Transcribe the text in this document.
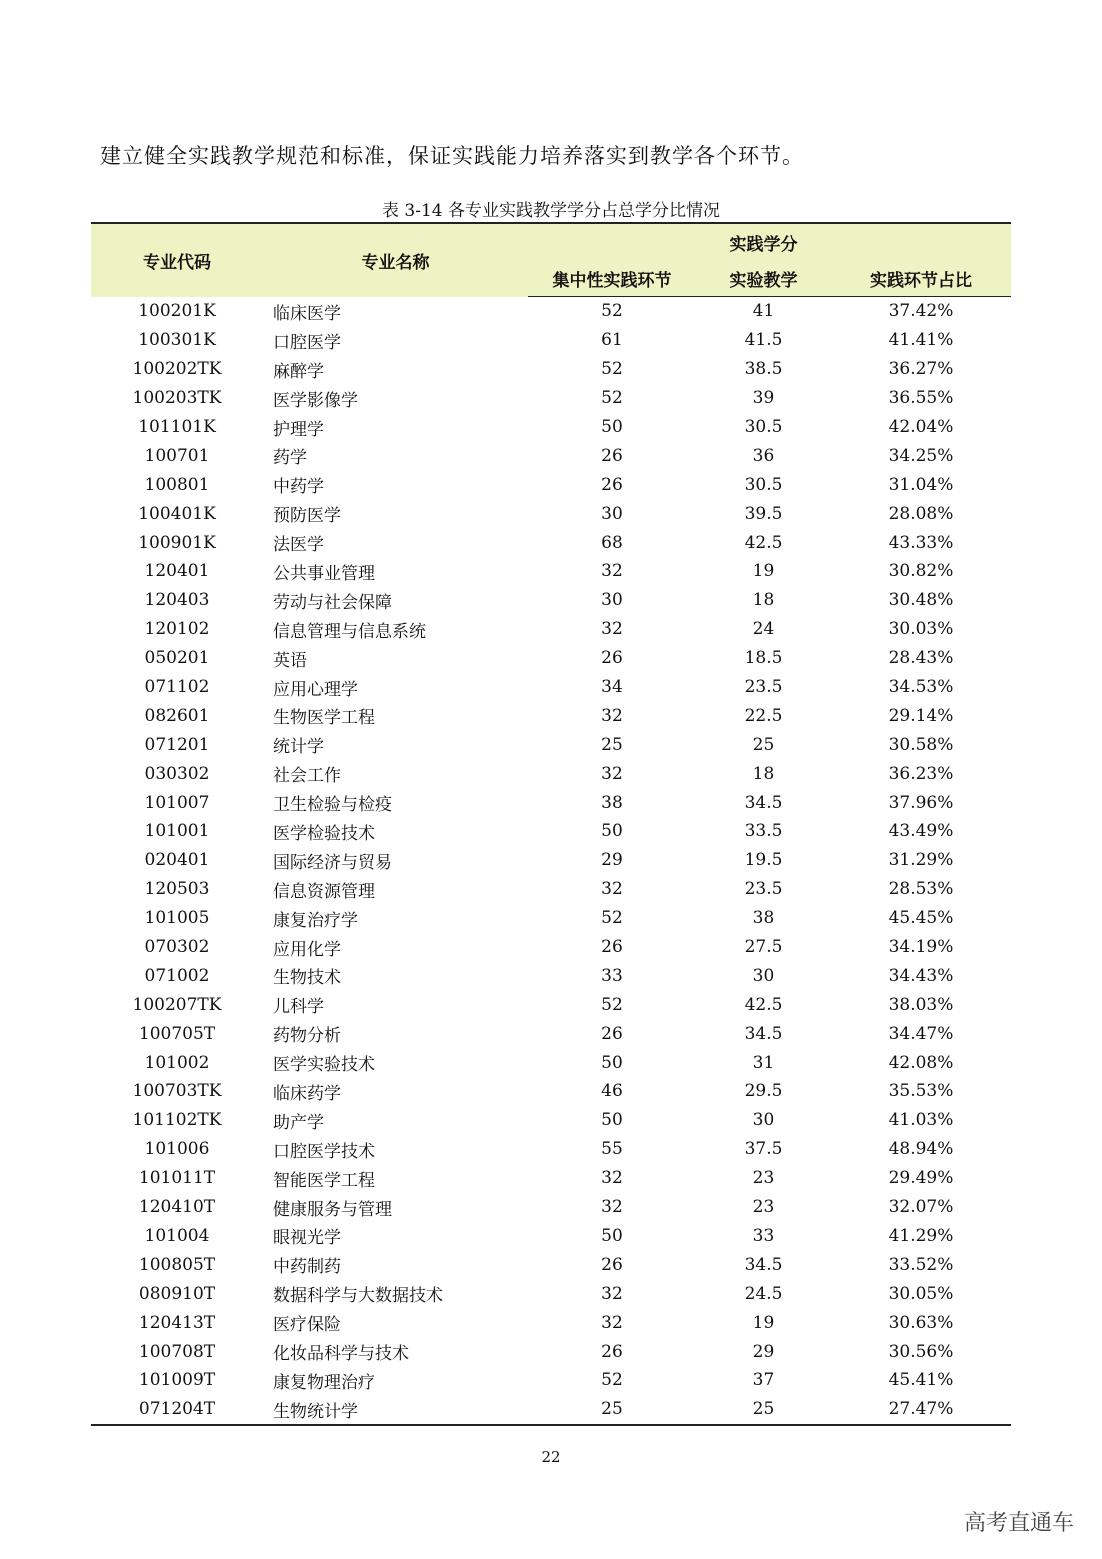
建立健全实践教学规范和标准，保证实践能力培养落实到教学各个环节。

表 3-14 各专业实践教学学分占总学分比情况

专业代码	专业名称		实践学分	
		集中性实践环节	实验教学	实践环节占比
100201K	临床医学	52	41	37.42%
100301K	口腔医学	61	41.5	41.41%
100202TK	麻醉学	52	38.5	36.27%
100203TK	医学影像学	52	39	36.55%
101101K	护理学	50	30.5	42.04%
100701	药学	26	36	34.25%
100801	中药学	26	30.5	31.04%
100401K	预防医学	30	39.5	28.08%
100901K	法医学	68	42.5	43.33%
120401	公共事业管理	32	19	30.82%
120403	劳动与社会保障	30	18	30.48%
120102	信息管理与信息系统	32	24	30.03%
050201	英语	26	18.5	28.43%
071102	应用心理学	34	23.5	34.53%
082601	生物医学工程	32	22.5	29.14%
071201	统计学	25	25	30.58%
030302	社会工作	32	18	36.23%
101007	卫生检验与检疫	38	34.5	37.96%
101001	医学检验技术	50	33.5	43.49%
020401	国际经济与贸易	29	19.5	31.29%
120503	信息资源管理	32	23.5	28.53%
101005	康复治疗学	52	38	45.45%
070302	应用化学	26	27.5	34.19%
071002	生物技术	33	30	34.43%
100207TK	儿科学	52	42.5	38.03%
100705T	药物分析	26	34.5	34.47%
101002	医学实验技术	50	31	42.08%
100703TK	临床药学	46	29.5	35.53%
101102TK	助产学	50	30	41.03%
101006	口腔医学技术	55	37.5	48.94%
101011T	智能医学工程	32	23	29.49%
120410T	健康服务与管理	32	23	32.07%
101004	眼视光学	50	33	41.29%
100805T	中药制药	26	34.5	33.52%
080910T	数据科学与大数据技术	32	24.5	30.05%
120413T	医疗保险	32	19	30.63%
100708T	化妆品科学与技术	26	29	30.56%
101009T	康复物理治疗	52	37	45.41%
071204T	生物统计学	25	25	27.47%

22

高考直通车
